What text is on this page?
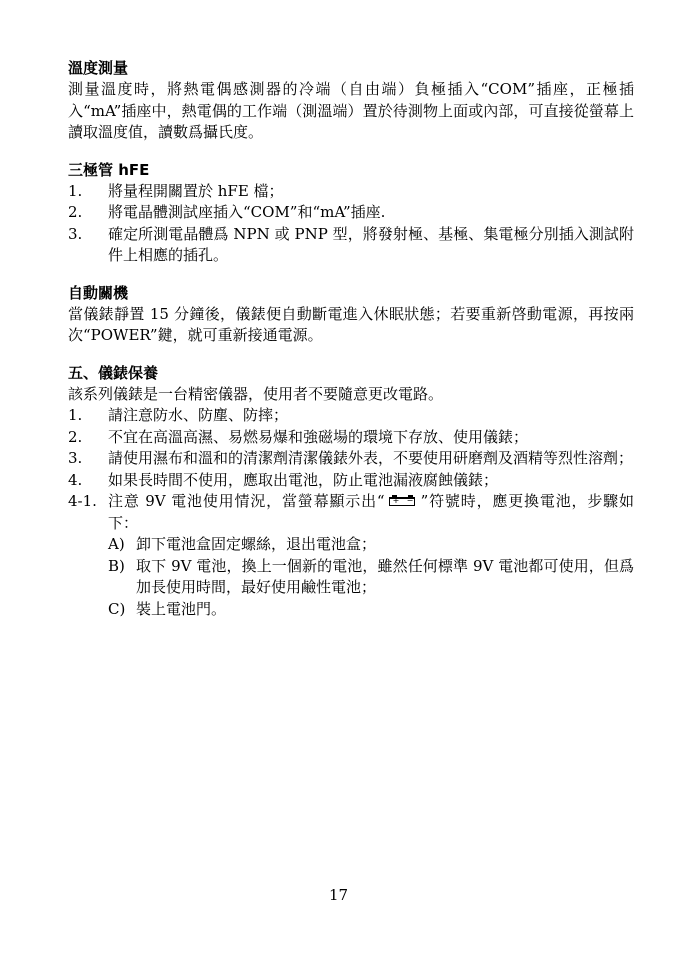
溫度測量
測量溫度時，將熱電偶感測器的冷端（自由端）負極插入“COM”插座，正極插入“mA”插座中，熱電偶的工作端（測溫端）置於待測物上面或內部，可直接從螢幕上讀取溫度值，讀數爲攝氏度。
三極管 hFE
1.	將量程開關置於 hFE 檔；
2.	將電晶體測試座插入“COM”和“mA”插座.
3.	確定所測電晶體爲 NPN 或 PNP 型，將發射極、基極、集電極分別插入測試附件上相應的插孔。
自動關機
當儀錶靜置 15 分鐘後，儀錶便自動斷電進入休眠狀態；若要重新啓動電源，再按兩次“POWER”鍵，就可重新接通電源。
五、儀錶保養
該系列儀錶是一台精密儀器，使用者不要隨意更改電路。
1.	請注意防水、防塵、防摔；
2.	不宜在高溫高濕、易燃易爆和強磁場的環境下存放、使用儀錶；
3.	請使用濕布和溫和的清潔劑清潔儀錶外表，不要使用研磨劑及酒精等烈性溶劑；
4.	如果長時間不使用，應取出電池，防止電池漏液腐蝕儀錶；
4-1. 注意 9V 電池使用情況，當螢幕顯示出“ + − ”符號時，應更換電池，步驟如下：
A) 卸下電池盒固定螺絲，退出電池盒；
B) 取下 9V 電池，換上一個新的電池，雖然任何標準 9V 電池都可使用，但爲加長使用時間，最好使用鹼性電池；
C) 裝上電池門。
17
